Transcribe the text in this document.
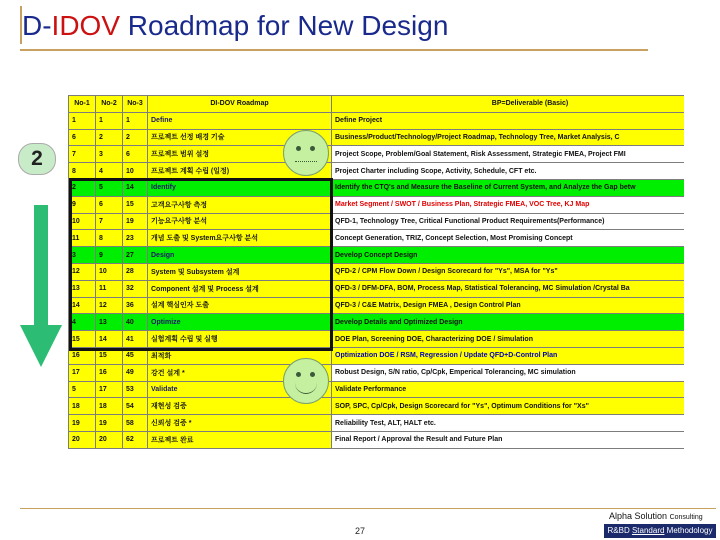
D-IDOV Roadmap for New Design
2
No-1	No-2	No-3	DI-DOV Roadmap	BP=Deliverable (Basic)
1	1	1	Define	Define Project
6	2	2	프로젝트 선정 배경 기술	Business/Product/Technology/Project Roadmap, Technology Tree, Market Analysis, C
7	3	6	프로젝트 범위 설정	Project Scope, Problem/Goal Statement, Risk Assessment, Strategic FMEA, Project FMI
8	4	10	프로젝트 계획 수립 (일정)	Project Charter including Scope, Activity, Schedule, CFT etc.
2	5	14	Identify	Identify the CTQ's and Measure the Baseline of Current System, and Analyze the Gap betw
9	6	15	고객요구사항 측정	Market Segment / SWOT / Business Plan, Strategic FMEA, VOC Tree, KJ Map
10	7	19	기능요구사항 분석	QFD-1, Technology Tree, Critical Functional Product Requirements(Performance)
11	8	23	개념 도출 및 System요구사항 분석	Concept Generation, TRIZ, Concept Selection, Most Promising Concept
3	9	27	Design	Develop Concept Design
12	10	28	System 및 Subsystem 설계	QFD-2 / CPM Flow Down / Design Scorecard for "Ys", MSA for "Ys"
13	11	32	Component 설계 및 Process 설계	QFD-3 / DFM-DFA, BOM, Process Map, Statistical Tolerancing, MC Simulation /Crystal Ba
14	12	36	설계 핵심인자 도출	QFD-3 / C&E Matrix, Design FMEA , Design Control Plan
4	13	40	Optimize	Develop Details and Optimized Design
15	14	41	실험계획 수립 및 실행	DOE Plan, Screening DOE, Characterizing DOE / Simulation
16	15	45	최적화	Optimization DOE / RSM, Regression / Update QFD+D-Control Plan
17	16	49	강건 설계 *	Robust Design, S/N ratio, Cp/Cpk, Emperical Tolerancing, MC simulation
5	17	53	Validate	Validate Performance
18	18	54	재현성 검증	SOP, SPC, Cp/Cpk, Design Scorecard for "Ys", Optimum Conditions for "Xs"
19	19	58	신뢰성 검증 *	Reliability Test, ALT, HALT etc.
20	20	62	프로젝트 완료	Final Report / Approval the Result and Future Plan
27
Alpha Solution Consulting
R&BD Standard Methodology
